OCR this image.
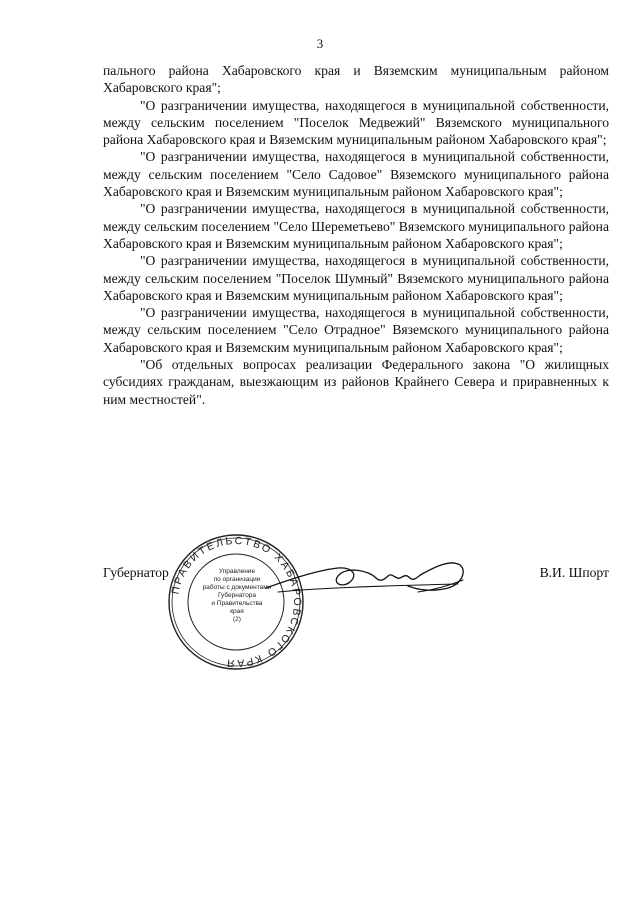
3

пального района Хабаровского края и Вяземским муниципальным районом Хабаровского края";

"О разграничении имущества, находящегося в муниципальной собственности, между сельским поселением "Поселок Медвежий" Вяземского муниципального района Хабаровского края и Вяземским муниципальным районом Хабаровского края";

"О разграничении имущества, находящегося в муниципальной собственности, между сельским поселением "Село Садовое" Вяземского муниципального района Хабаровского края и Вяземским муниципальным районом Хабаровского края";

"О разграничении имущества, находящегося в муниципальной собственности, между сельским поселением "Село Шереметьево" Вяземского муниципального района Хабаровского края и Вяземским муниципальным районом Хабаровского края";

"О разграничении имущества, находящегося в муниципальной собственности, между сельским поселением "Поселок Шумный" Вяземского муниципального района Хабаровского края и Вяземским муниципальным районом Хабаровского края";

"О разграничении имущества, находящегося в муниципальной собственности, между сельским поселением "Село Отрадное" Вяземского муниципального района Хабаровского края и Вяземским муниципальным районом Хабаровского края";

"Об отдельных вопросах реализации Федерального закона "О жилищных субсидиях гражданам, выезжающим из районов Крайнего Севера и приравненных к ним местностей".

Губернатор	В.И. Шпорт
ПРАВИТЕЛЬСТВО ХАБАРОВСКОГО КРАЯ
Управление
по организации
работы с документами
Губернатора
и Правительства
края
(2)
